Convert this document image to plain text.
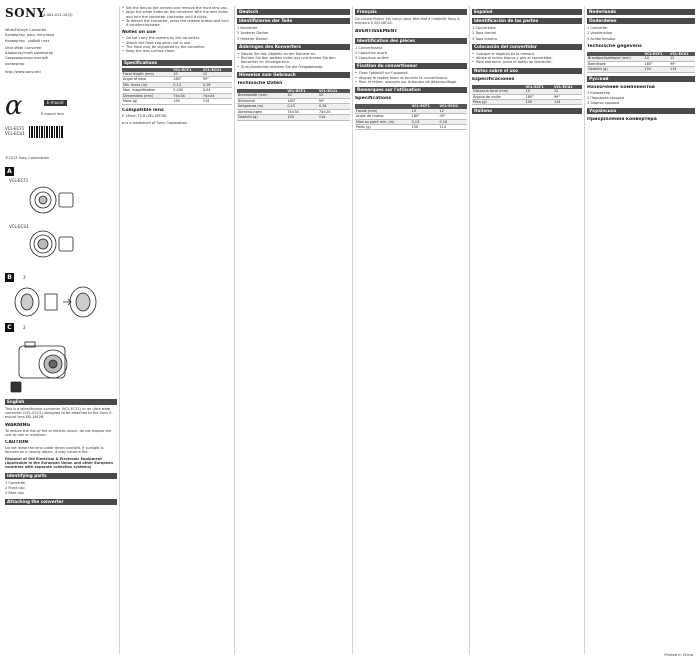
SONY
4-441-011-12(1)
Wide/Fisheye Converter
Конвертер, ращ. пентакля
Конвертер - рыбий глаз
Ultra Wide Converter
Ширококутний конвертер
Сверхширокоугольный
конвертер
http://www.sony.net/
α	E-mount
E-mount lens
VCL-ECF1
VCL-ECU1
©2013 Sony Corporation
A
VCL-ECF1
VCL-ECU1
B	2
C	2
English
This is a wide/fisheye converter (VCL-ECF1) or an ultra wide converter (VCL-ECU1) designed to be attached to the Sony E-mount lens SEL16F28.
WARNING
To reduce the risk of fire or electric shock, do not expose the unit to rain or moisture.
CAUTION
Do not leave the lens under direct sunlight. If sunlight is focused on a nearby object, it may cause a fire.
Disposal of Old Electrical & Electronic Equipment (Applicable in the European Union and other European countries with separate collection systems)
Identifying parts
1 Converter
2 Front cap
3 Rear cap
Attaching the converter
• Set the lens to the camera and remove the front lens cap.
• Align the white index on the converter with the lens index and turn the converter clockwise until it clicks.
• To detach the converter, press the release button and turn it counterclockwise.
Notes on use
• Do not carry the camera by the converter.
• Attach the front cap when not in use.
• The flash may be vignetted by the converter.
• Keep the lens surface clean.
Specifications
	VCL-ECF1	VCL-ECU1
Focal length (mm)	10	12
Angle of view	180°	99°
Min. focus (m)	0.13	0.16
Max. magnification	0.045	0.04
Dimensions (mm)	74×34	74×24
Mass (g)	150	114
Compatible lens
E 16mm F2.8 (SEL16F28)
α is a trademark of Sony Corporation.
Deutsch
Identifizieren der Teile
1 Konverter
2 Vorderer Deckel
3 Hinterer Deckel
Anbringen des Konverters
• Setzen Sie das Objektiv an der Kamera an.
• Richten Sie den weißen Index aus und drehen Sie den Konverter im Uhrzeigersinn.
• Zum Abnehmen drücken Sie die Freigabetaste.
Hinweise zum Gebrauch
Technische Daten
	VCL-ECF1	VCL-ECU1
Brennweite (mm)	10	12
Bildwinkel	180°	99°
Nahgrenze (m)	0,13	0,16
Abmessungen	74×34	74×24
Gewicht (g)	150	114
Français
Ce convertisseur est conçu pour être fixé à l'objectif Sony à monture E SEL16F28.
AVERTISSEMENT
Identification des pièces
1 Convertisseur
2 Capuchon avant
3 Capuchon arrière
Fixation du convertisseur
• Fixez l'objectif sur l'appareil.
• Alignez le repère blanc et tournez le convertisseur.
• Pour le retirer, appuyez sur le bouton de déverrouillage.
Remarques sur l'utilisation
Spécifications
	VCL-ECF1	VCL-ECU1
Focale (mm)	10	12
Angle de champ	180°	99°
Mise au point min. (m)	0,13	0,16
Poids (g)	150	114
Español
Identificación de las partes
1 Convertidor
2 Tapa frontal
3 Tapa trasera
Colocación del convertidor
• Coloque el objetivo en la cámara.
• Alinee el índice blanco y gire el convertidor.
• Para extraerlo, pulse el botón de liberación.
Notas sobre el uso
Especificaciones
	VCL-ECF1	VCL-ECU1
Distancia focal (mm)	10	12
Ángulo de visión	180°	99°
Peso (g)	150	114
Italiano
Nederlands
Onderdelen
1 Converter
2 Voorlensdop
3 Achterlensdop
Technische gegevens
	VCL-ECF1	VCL-ECU1
Brandpuntsafstand (mm)	10	12
Beeldhoek	180°	99°
Gewicht (g)	150	114
Русский
Назначение компонентов
1 Конвертер
2 Передняя крышка
3 Задняя крышка
Українська
Прикріплення конвертера
Printed in China
